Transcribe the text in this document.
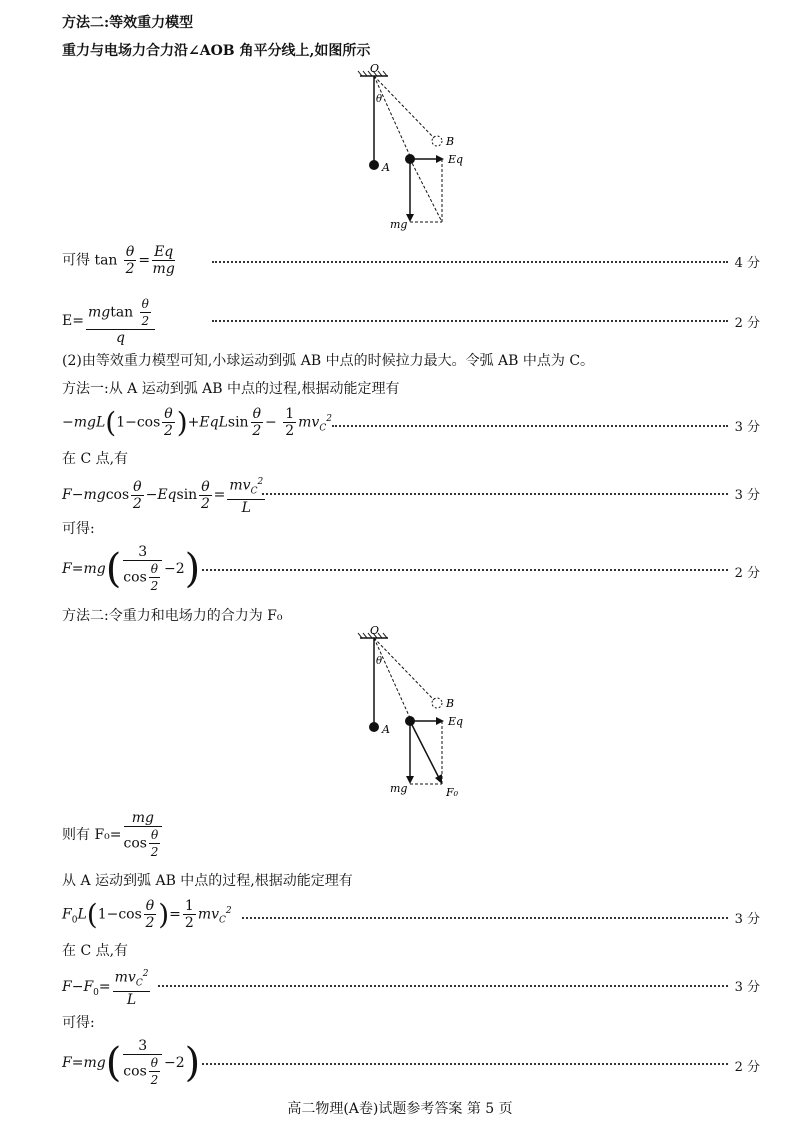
方法二:等效重力模型
重力与电场力合力沿∠AOB 角平分线上,如图所示
O
A
B
θ
Eq
mg
可得 $\tan \frac{\theta}{2} = \frac{Eq}{mg}$	4 分
$E= \frac{mgtan \frac{\theta}{2}}{q}$	2 分
(2)由等效重力模型可知,小球运动到弧 AB 中点的时候拉力最大。令弧 AB 中点为 C。
方法一:从 A 运动到弧 AB 中点的过程,根据动能定理有
$-mgL(1-\cos \frac{\theta}{2} )+EqLsin \frac{\theta}{2} - \frac{1}{2} mv_C^2$
3 分
在 C 点,有
$F-mgcos \frac{\theta}{2} -Eqsin \frac{\theta}{2} = \frac{mv_C^2}{L}$	3 分
可得:
$F=mg( \frac{3}{\cos \frac{\theta}{2}} -2)$	2 分
方法二:令重力和电场力的合力为 F₀
O
A
B
θ
Eq
mg	F₀
则有 $F_0= \frac{mg}{\cos \frac{\theta}{2}}$
从 A 运动到弧 AB 中点的过程,根据动能定理有
$F_0L(1-\cos \frac{\theta}{2}$ )= $\frac{1}{2} mv_C^2$
3 分
在 C 点,有
$F-F_0= \frac{mv_C^2}{L}$	3 分
可得:
$F=mg( \frac{3}{\cos \frac{\theta}{2}} -2)$	2 分
高二物理(A卷)试题参考答案 第 5 页
